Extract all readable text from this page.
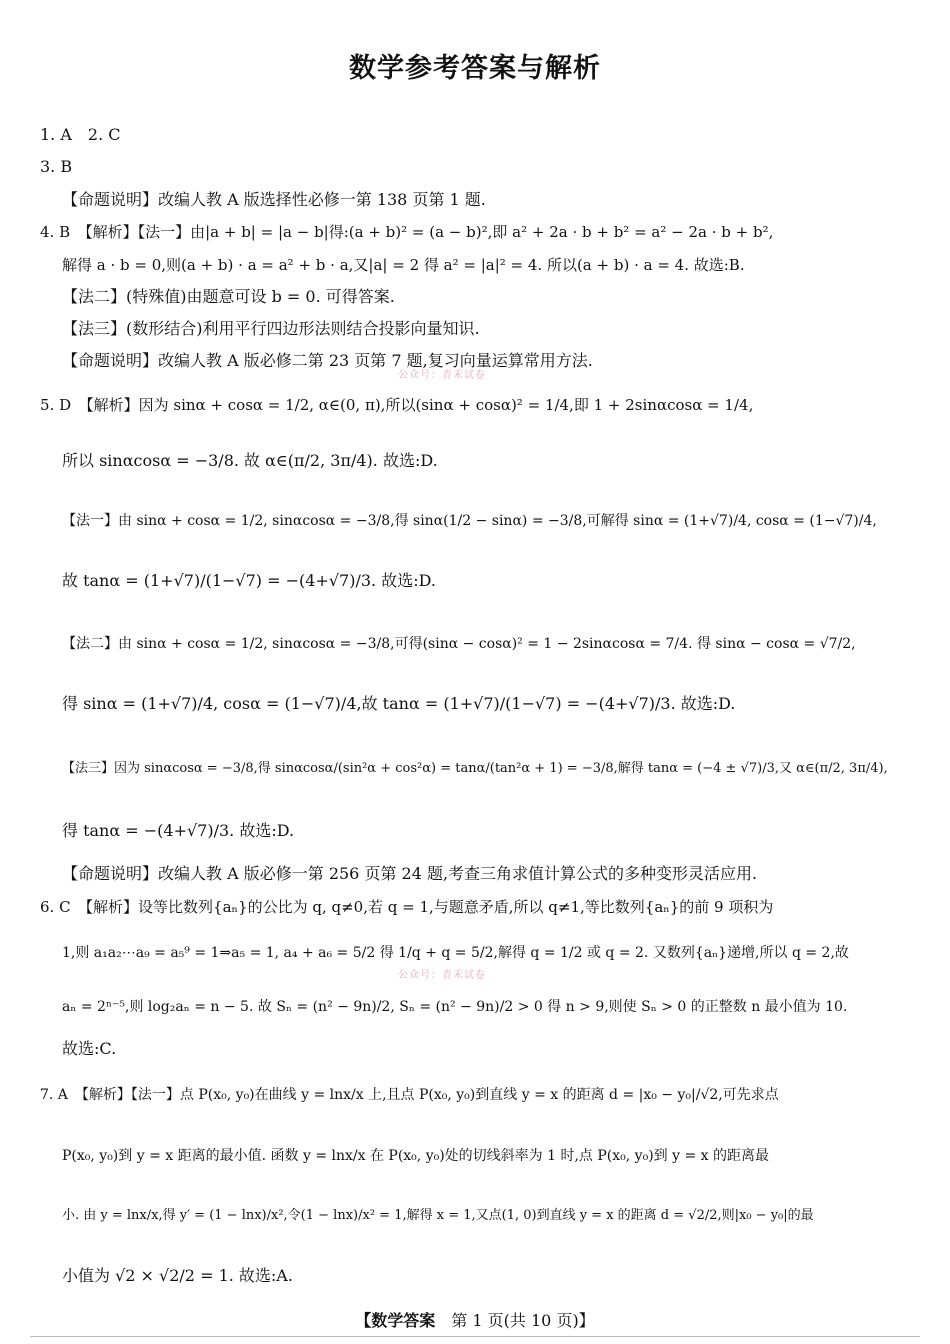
数学参考答案与解析
1. A　2. C
3. B
【命题说明】改编人教 A 版选择性必修一第 138 页第 1 题.
4. B　【解析】【法一】由|a + b| = |a − b|得:(a + b)² = (a − b)²,即 a² + 2a · b + b² = a² − 2a · b + b²,
解得 a · b = 0,则(a + b) · a = a² + b · a,又|a| = 2 得 a² = |a|² = 4. 所以(a + b) · a = 4. 故选:B.
【法二】(特殊值)由题意可设 b = 0. 可得答案.
【法三】(数形结合)利用平行四边形法则结合投影向量知识.
【命题说明】改编人教 A 版必修二第 23 页第 7 题,复习向量运算常用方法.
公众号：青禾试卷
5. D　【解析】因为 sinα + cosα = 1/2, α∈(0, π),所以(sinα + cosα)² = 1/4,即 1 + 2sinαcosα = 1/4,
所以 sinαcosα = −3/8. 故 α∈(π/2, 3π/4). 故选:D.
【法一】由 sinα + cosα = 1/2, sinαcosα = −3/8,得 sinα(1/2 − sinα) = −3/8,可解得 sinα = (1+√7)/4, cosα = (1−√7)/4,
故 tanα = (1+√7)/(1−√7) = −(4+√7)/3. 故选:D.
【法二】由 sinα + cosα = 1/2, sinαcosα = −3/8,可得(sinα − cosα)² = 1 − 2sinαcosα = 7/4. 得 sinα − cosα = √7/2,
得 sinα = (1+√7)/4, cosα = (1−√7)/4,故 tanα = (1+√7)/(1−√7) = −(4+√7)/3. 故选:D.
【法三】因为 sinαcosα = −3/8,得 sinαcosα/(sin²α + cos²α) = tanα/(tan²α + 1) = −3/8,解得 tanα = (−4 ± √7)/3,又 α∈(π/2, 3π/4),
得 tanα = −(4+√7)/3. 故选:D.
【命题说明】改编人教 A 版必修一第 256 页第 24 题,考查三角求值计算公式的多种变形灵活应用.
6. C　【解析】设等比数列{aₙ}的公比为 q, q≠0,若 q = 1,与题意矛盾,所以 q≠1,等比数列{aₙ}的前 9 项积为
1,则 a₁a₂⋯a₉ = a₅⁹ = 1⇒a₅ = 1, a₄ + a₆ = 5/2 得 1/q + q = 5/2,解得 q = 1/2 或 q = 2. 又数列{aₙ}递增,所以 q = 2,故
公众号：青禾试卷
aₙ = 2ⁿ⁻⁵,则 log₂aₙ = n − 5. 故 Sₙ = (n² − 9n)/2, Sₙ = (n² − 9n)/2 > 0 得 n > 9,则使 Sₙ > 0 的正整数 n 最小值为 10.
故选:C.
7. A　【解析】【法一】点 P(x₀, y₀)在曲线 y = lnx/x 上,且点 P(x₀, y₀)到直线 y = x 的距离 d = |x₀ − y₀|/√2,可先求点
P(x₀, y₀)到 y = x 距离的最小值. 函数 y = lnx/x 在 P(x₀, y₀)处的切线斜率为 1 时,点 P(x₀, y₀)到 y = x 的距离最
小. 由 y = lnx/x,得 y′ = (1 − lnx)/x²,令(1 − lnx)/x² = 1,解得 x = 1,又点(1, 0)到直线 y = x 的距离 d = √2/2,则|x₀ − y₀|的最
小值为 √2 × √2/2 = 1. 故选:A.
【数学答案  第 1 页(共 10 页)】
